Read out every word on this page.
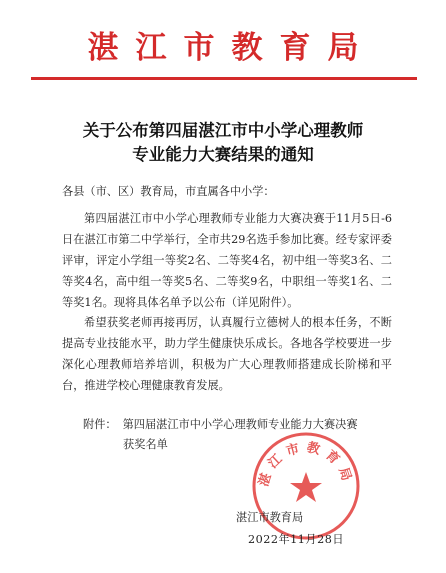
湛江市教育局
关于公布第四届湛江市中小学心理教师
专业能力大赛结果的通知
各县（市、区）教育局，市直属各中小学：
第四届湛江市中小学心理教师专业能力大赛决赛于11月5日-6日在湛江市第二中学举行，全市共29名选手参加比赛。经专家评委评审，评定小学组一等奖2名、二等奖4名，初中组一等奖3名、二等奖4名，高中组一等奖5名、二等奖9名，中职组一等奖1名、二等奖1名。现将具体名单予以公布（详见附件）。
希望获奖老师再接再厉，认真履行立德树人的根本任务，不断提高专业技能水平，助力学生健康快乐成长。各地各学校要进一步深化心理教师培养培训，积极为广大心理教师搭建成长阶梯和平台，推进学校心理健康教育发展。
附件： 第四届湛江市中小学心理教师专业能力大赛决赛
获奖名单
湛江市教育局
湛江市教育局
2022年11月28日
